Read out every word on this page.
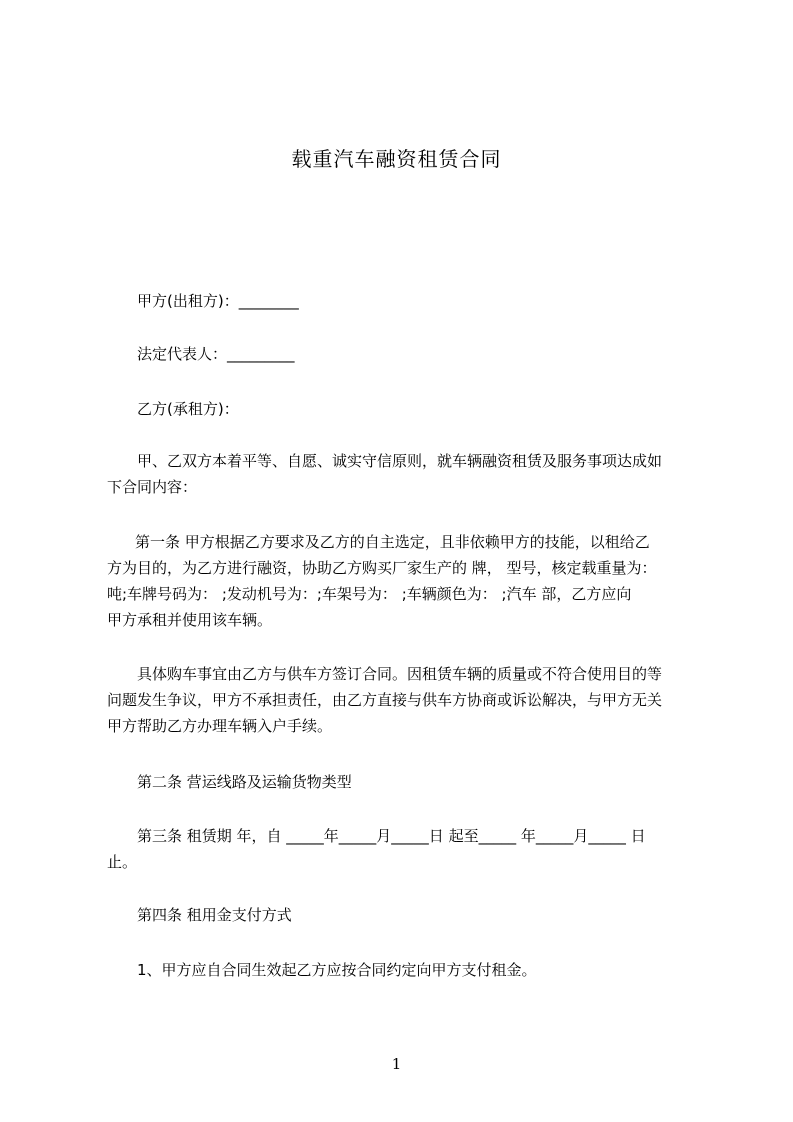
载重汽车融资租赁合同
甲方(出租方)：________
法定代表人：_________
乙方(承租方)：
甲、乙双方本着平等、自愿、诚实守信原则，就车辆融资租赁及服务事项达成如
下合同内容：
第一条 甲方根据乙方要求及乙方的自主选定，且非依赖甲方的技能，以租给乙
方为目的，为乙方进行融资，协助乙方购买厂家生产的 牌， 型号，核定载重量为：
吨;车牌号码为： ;发动机号为：;车架号为： ;车辆颜色为： ;汽车 部，乙方应向
甲方承租并使用该车辆。
具体购车事宜由乙方与供车方签订合同。因租赁车辆的质量或不符合使用目的等
问题发生争议，甲方不承担责任，由乙方直接与供车方协商或诉讼解决，与甲方无关
甲方帮助乙方办理车辆入户手续。
第二条 营运线路及运输货物类型
第三条 租赁期 年，自 _____年_____月_____日 起至_____ 年_____月_____ 日
止。
第四条 租用金支付方式
1、甲方应自合同生效起乙方应按合同约定向甲方支付租金。
1
